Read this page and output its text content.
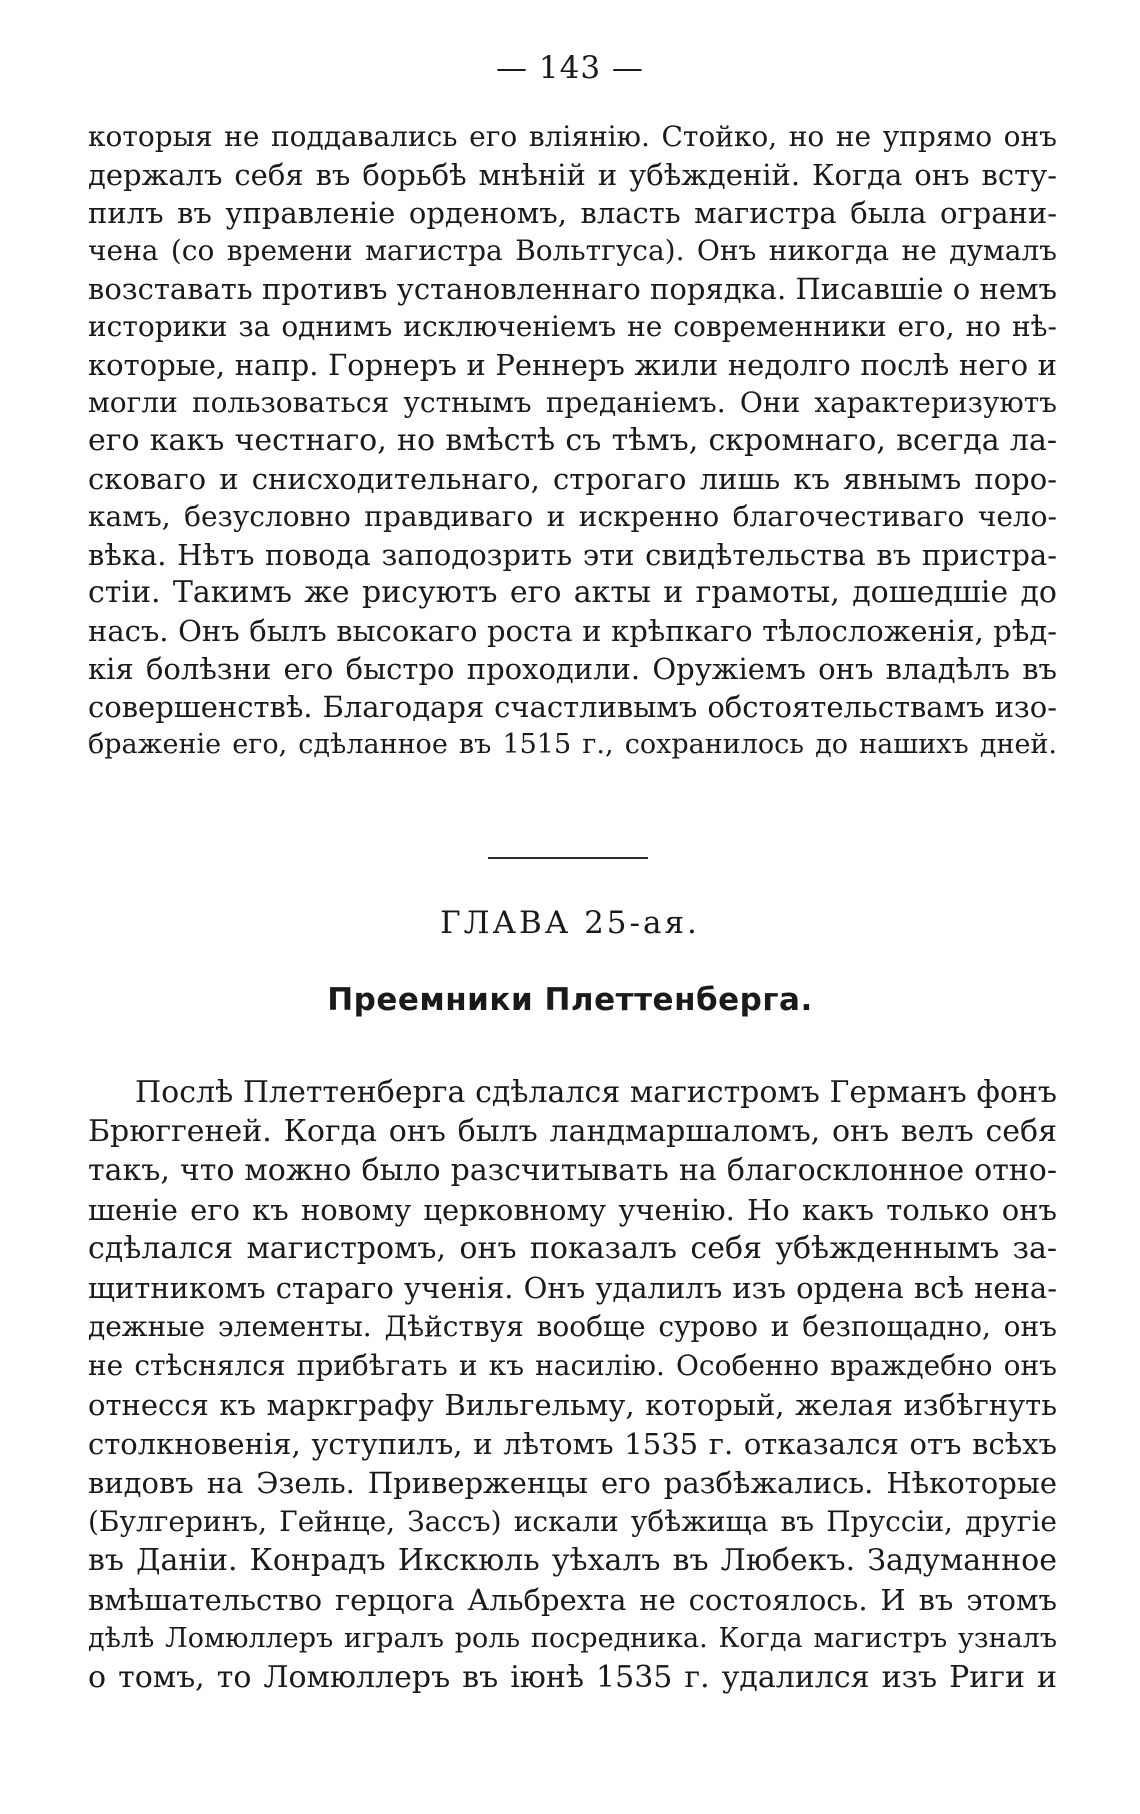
— 143 —
которыя не поддавались его вліянію. Стойко, но не упрямо онъ
держалъ себя въ борьбѣ мнѣній и убѣжденій. Когда онъ всту-
пилъ въ управленіе орденомъ, власть магистра была ограни-
чена (со времени магистра Вольтгуса). Онъ никогда не думалъ
возставать противъ установленнаго порядка. Писавшіе о немъ
историки за однимъ исключеніемъ не современники его, но нѣ-
которые, напр. Горнеръ и Реннеръ жили недолго послѣ него и
могли пользоваться устнымъ преданіемъ. Они характеризуютъ
его какъ честнаго, но вмѣстѣ съ тѣмъ, скромнаго, всегда ла-
сковаго и снисходительнаго, строгаго лишь къ явнымъ поро-
камъ, безусловно правдиваго и искренно благочестиваго чело-
вѣка. Нѣтъ повода заподозрить эти свидѣтельства въ пристра-
стіи. Такимъ же рисуютъ его акты и грамоты, дошедшіе до
насъ. Онъ былъ высокаго роста и крѣпкаго тѣлосложенія, рѣд-
кія болѣзни его быстро проходили. Оружіемъ онъ владѣлъ въ
совершенствѣ. Благодаря счастливымъ обстоятельствамъ изо-
браженіе его, сдѣланное въ 1515 г., сохранилось до нашихъ дней.
ГЛАВА 25-ая.
Преемники Плеттенберга.
Послѣ Плеттенберга сдѣлался магистромъ Германъ фонъ
Брюггеней. Когда онъ былъ ландмаршаломъ, онъ велъ себя
такъ, что можно было разсчитывать на благосклонное отно-
шеніе его къ новому церковному ученію. Но какъ только онъ
сдѣлался магистромъ, онъ показалъ себя убѣжденнымъ за-
щитникомъ стараго ученія. Онъ удалилъ изъ ордена всѣ нена-
дежные элементы. Дѣйствуя вообще сурово и безпощадно, онъ
не стѣснялся прибѣгать и къ насилію. Особенно враждебно онъ
отнесся къ маркграфу Вильгельму, который, желая избѣгнуть
столкновенія, уступилъ, и лѣтомъ 1535 г. отказался отъ всѣхъ
видовъ на Эзель. Приверженцы его разбѣжались. Нѣкоторые
(Булгеринъ, Гейнце, Зассъ) искали убѣжища въ Пруссіи, другіе
въ Даніи. Конрадъ Икскюль уѣхалъ въ Любекъ. Задуманное
вмѣшательство герцога Альбрехта не состоялось. И въ этомъ
дѣлѣ Ломюллеръ игралъ роль посредника. Когда магистръ узналъ
о томъ, то Ломюллеръ въ іюнѣ 1535 г. удалился изъ Риги и
